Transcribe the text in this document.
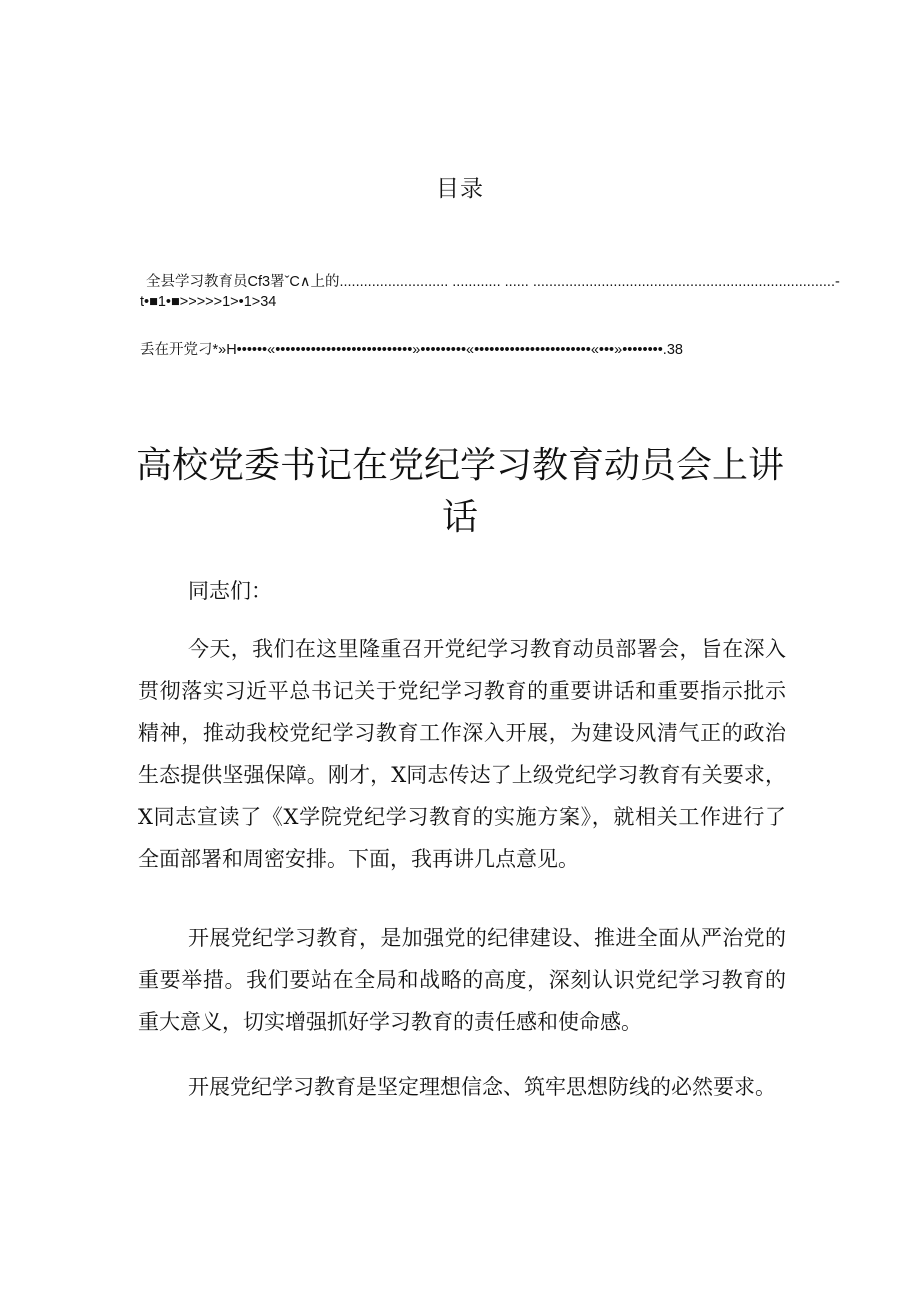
目录
全县学习教育员Cf3署ˇC∧上的........................... ............ ...... ...........................................................................-
t•■1•■>>>>>1>•1>34
丢在开党刁*»H••••••«•••••••••••••••••••••••••••»•••••••••«•••••••••••••••••••••••«•••»••••••••.38
高校党委书记在党纪学习教育动员会上讲
话
同志们：
今天，我们在这里隆重召开党纪学习教育动员部署会，旨在深入贯彻落实习近平总书记关于党纪学习教育的重要讲话和重要指示批示精神，推动我校党纪学习教育工作深入开展，为建设风清气正的政治生态提供坚强保障。刚才，X同志传达了上级党纪学习教育有关要求，X同志宣读了《X学院党纪学习教育的实施方案》，就相关工作进行了全面部署和周密安排。下面，我再讲几点意见。
开展党纪学习教育，是加强党的纪律建设、推进全面从严治党的重要举措。我们要站在全局和战略的高度，深刻认识党纪学习教育的重大意义，切实增强抓好学习教育的责任感和使命感。
开展党纪学习教育是坚定理想信念、筑牢思想防线的必然要求。
